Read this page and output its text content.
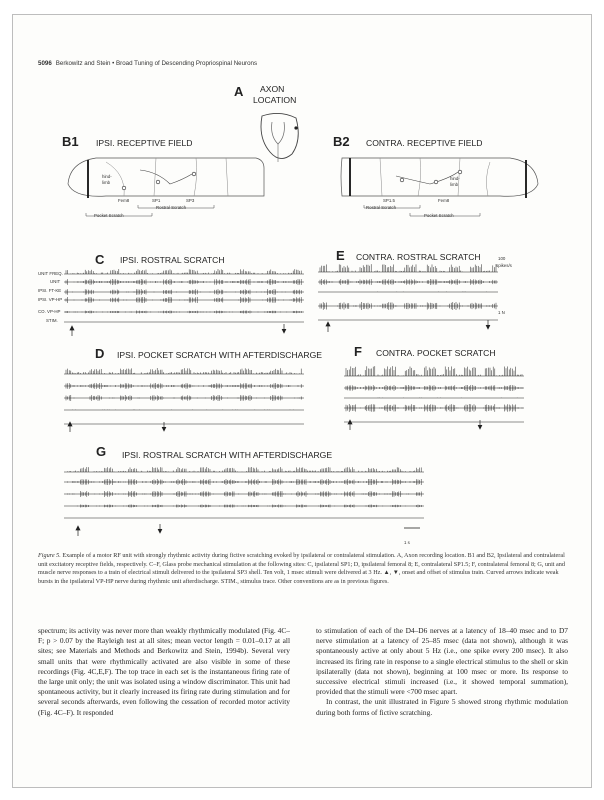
5096 Berkowitz and Stein • Broad Tuning of Descending Propriospinal Neurons
A AXON
LOCATION
B1 IPSI. RECEPTIVE FIELD
hind-
limb
Fem8	SP1	SP3
Rostral Scratch
Pocket Scratch
B2 CONTRA. RECEPTIVE FIELD
hind-
limb
SP1.5	Fem8
Rostral Scratch
Pocket Scratch
C IPSI. ROSTRAL SCRATCH
UNIT FREQ.
UNIT
IPSI. FT-KE
IPSI. VP-HP
CO. VP-HP
STIM.
E CONTRA. ROSTRAL SCRATCH	100
spikes/s
1 N
D IPSI. POCKET SCRATCH WITH AFTERDISCHARGE F CONTRA. POCKET SCRATCH
G IPSI. ROSTRAL SCRATCH WITH AFTERDISCHARGE
1 s
Figure 5. Example of a motor RF unit with strongly rhythmic activity during fictive scratching evoked by ipsilateral or contralateral stimulation. A, Axon recording location. B1 and B2, Ipsilateral and contralateral unit excitatory receptive fields, respectively. C–F, Glass probe mechanical stimulation at the following sites: C, ipsilateral SP1; D, ipsilateral femoral 8; E, contralateral SP1.5; F, contralateral femoral 8; G, unit and muscle nerve responses to a train of electrical stimuli delivered to the ipsilateral SP3 shell. Ten volt, 1 msec stimuli were delivered at 3 Hz. ▲, ▼, onset and offset of stimulus train. Curved arrows indicate weak bursts in the ipsilateral VP-HP nerve during rhythmic unit afterdischarge. STIM., stimulus trace. Other conventions are as in previous figures.

spectrum; its activity was never more than weakly rhythmically modulated (Fig. 4C–F; p > 0.07 by the Rayleigh test at all sites; mean vector length = 0.01–0.17 at all sites; see Materials and Methods and Berkowitz and Stein, 1994b). Several very small units that were rhythmically activated are also visible in some of these recordings (Fig. 4C,E,F). The top trace in each set is the instantaneous firing rate of the large unit only; the unit was isolated using a window discriminator. This unit had spontaneous activity, but it clearly increased its firing rate during stimulation and for several seconds afterwards, even following the cessation of recorded motor activity (Fig. 4C–F). It responded

to stimulation of each of the D4–D6 nerves at a latency of 18–40 msec and to D7 nerve stimulation at a latency of 25–85 msec (data not shown), although it was spontaneously active at only about 5 Hz (i.e., one spike every 200 msec). It also increased its firing rate in response to a single electrical stimulus to the shell or skin ipsilaterally (data not shown), beginning at 100 msec or more. Its response to successive electrical stimuli increased (i.e., it showed temporal summation), provided that the stimuli were <700 msec apart.

In contrast, the unit illustrated in Figure 5 showed strong rhythmic modulation during both forms of fictive scratching.
